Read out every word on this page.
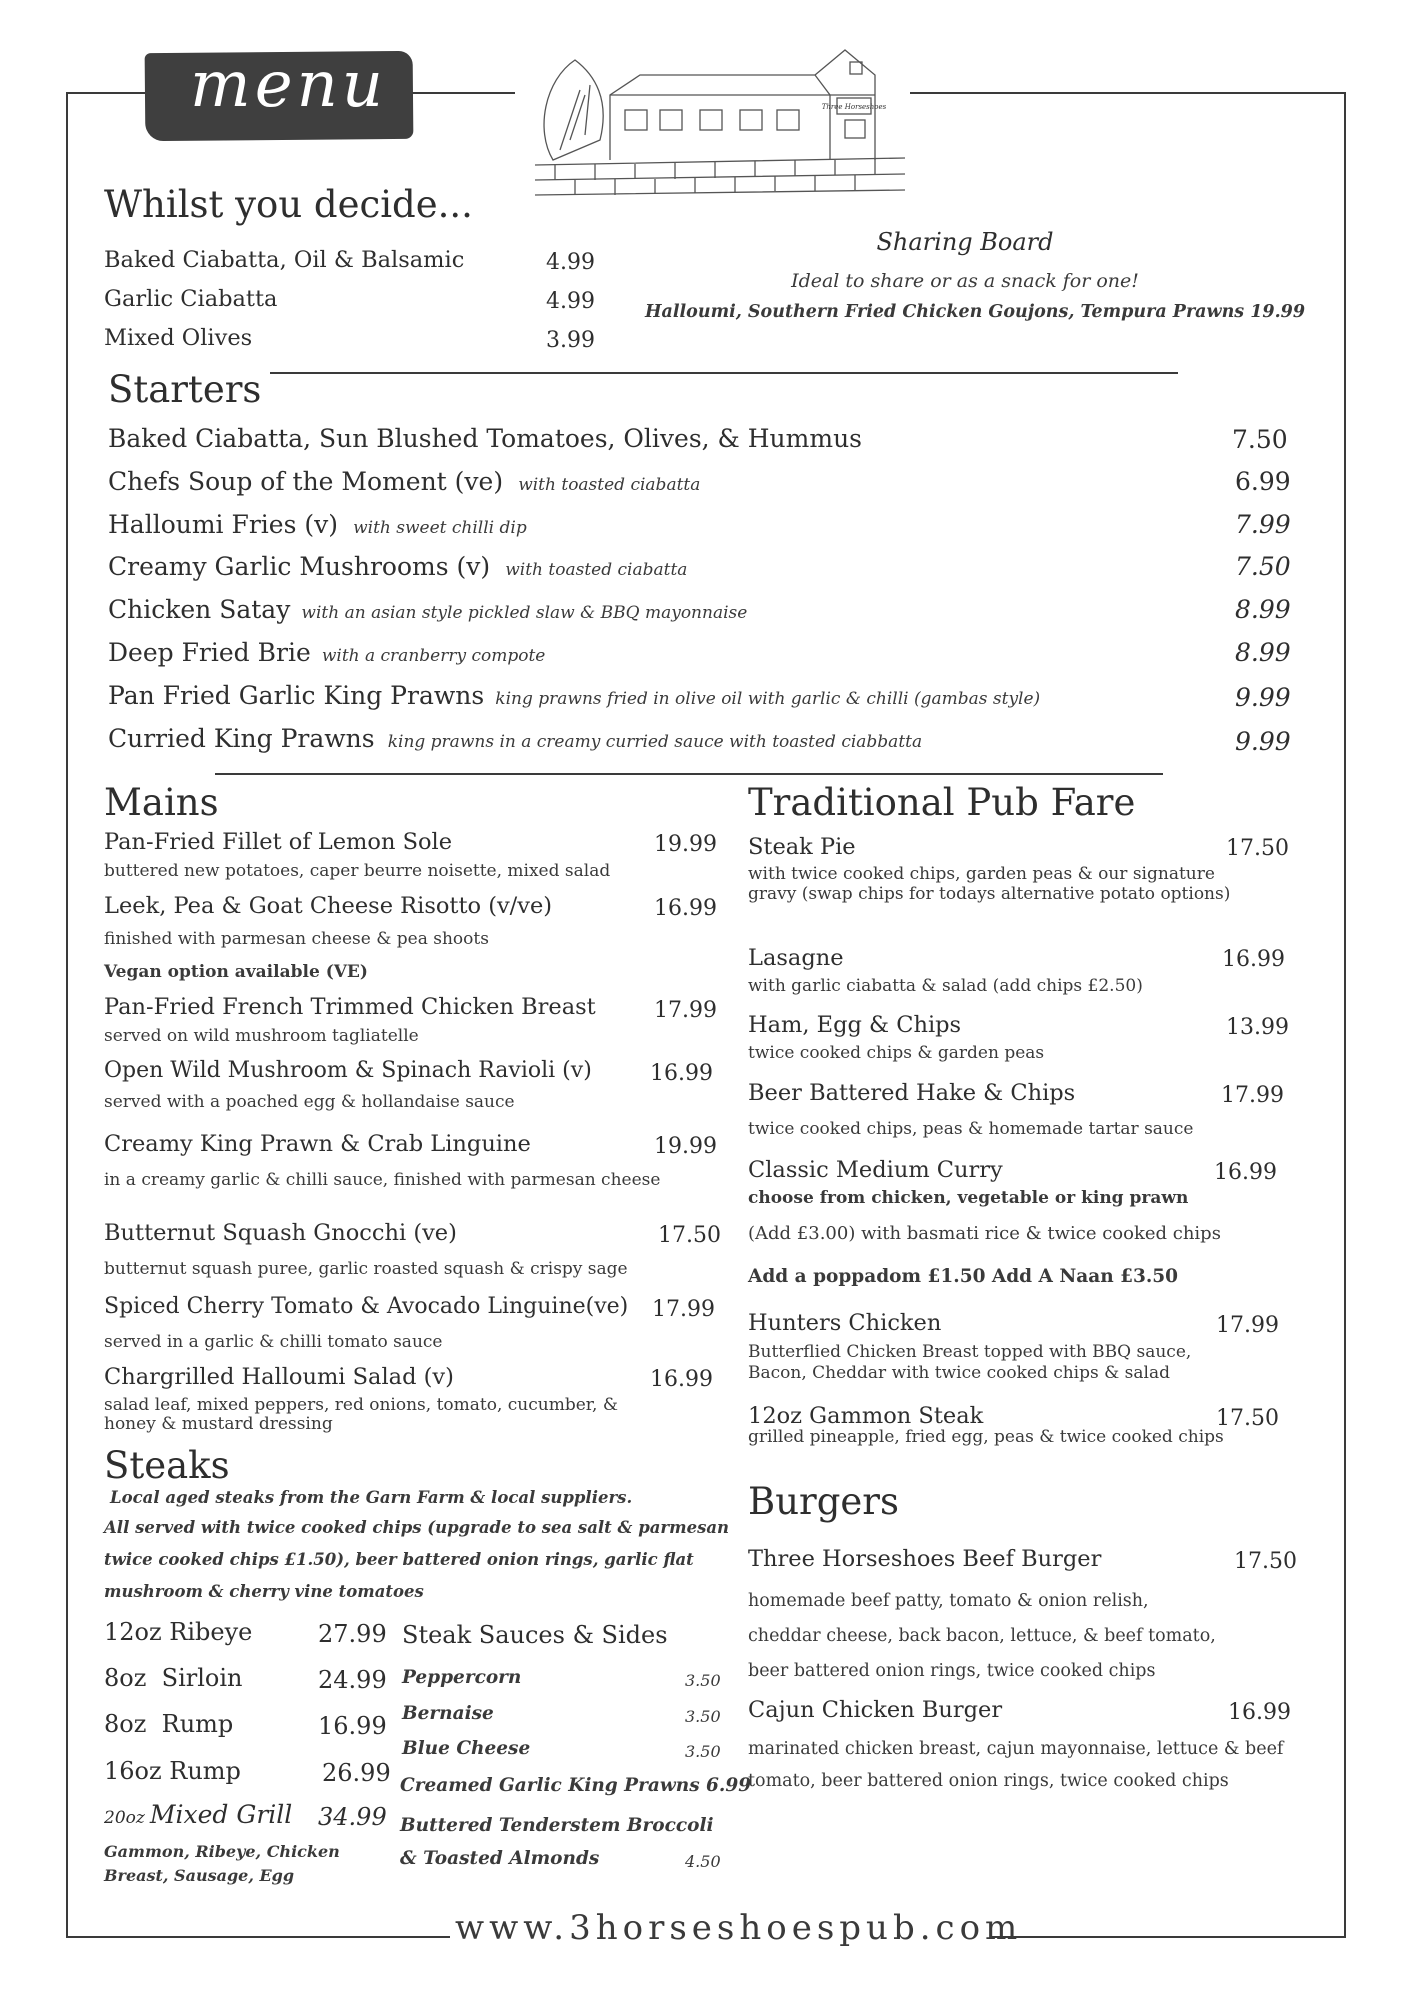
menu	Three Horseshoes
Whilst you decide...
Baked Ciabatta, Oil & Balsamic	4.99
Garlic Ciabatta	4.99
Mixed Olives	3.99
Sharing Board
Ideal to share or as a snack for one!
Halloumi, Southern Fried Chicken Goujons, Tempura Prawns 19.99
Starters
Baked Ciabatta, Sun Blushed Tomatoes, Olives, & Hummus	7.50
Chefs Soup of the Moment (ve) with toasted ciabatta	6.99
Halloumi Fries (v) with sweet chilli dip	7.99
Creamy Garlic Mushrooms (v) with toasted ciabatta	7.50
Chicken Satay with an asian style pickled slaw & BBQ mayonnaise	8.99
Deep Fried Brie with a cranberry compote	8.99
Pan Fried Garlic King Prawns king prawns fried in olive oil with garlic & chilli (gambas style)	9.99
Curried King Prawns king prawns in a creamy curried sauce with toasted ciabbatta	9.99
Mains
Pan-Fried Fillet of Lemon Sole	19.99
buttered new potatoes, caper beurre noisette, mixed salad
Leek, Pea & Goat Cheese Risotto (v/ve)	16.99
finished with parmesan cheese & pea shoots
Vegan option available (VE)
Pan-Fried French Trimmed Chicken Breast	17.99
served on wild mushroom tagliatelle
Open Wild Mushroom & Spinach Ravioli (v)	16.99
served with a poached egg & hollandaise sauce
Creamy King Prawn & Crab Linguine	19.99
in a creamy garlic & chilli sauce, finished with parmesan cheese
Butternut Squash Gnocchi (ve)	17.50
butternut squash puree, garlic roasted squash & crispy sage
Spiced Cherry Tomato & Avocado Linguine(ve) 17.99
served in a garlic & chilli tomato sauce
Chargrilled Halloumi Salad (v)	16.99
salad leaf, mixed peppers, red onions, tomato, cucumber, & honey & mustard dressing
Steaks
Local aged steaks from the Garn Farm & local suppliers.
All served with twice cooked chips (upgrade to sea salt & parmesan
twice cooked chips £1.50), beer battered onion rings, garlic flat
mushroom & cherry vine tomatoes
12oz Ribeye	27.99
8oz  Sirloin	24.99
8oz  Rump	16.99
16oz Rump	26.99
20oz Mixed Grill 34.99
Gammon, Ribeye, Chicken
Breast, Sausage, Egg
Steak Sauces & Sides
Peppercorn	3.50
Bernaise	3.50
Blue Cheese	3.50
Creamed Garlic King Prawns 6.99
Buttered Tenderstem Broccoli
& Toasted Almonds	4.50
Traditional Pub Fare
Steak Pie	17.50
with twice cooked chips, garden peas & our signature gravy (swap chips for todays alternative potato options)
Lasagne	16.99
with garlic ciabatta & salad (add chips £2.50)
Ham, Egg & Chips	13.99
twice cooked chips & garden peas
Beer Battered Hake & Chips	17.99
twice cooked chips, peas & homemade tartar sauce
Classic Medium Curry	16.99
choose from chicken, vegetable or king prawn
(Add £3.00) with basmati rice & twice cooked chips
Add a poppadom £1.50 Add A Naan £3.50
Hunters Chicken	17.99
Butterflied Chicken Breast topped with BBQ sauce, Bacon, Cheddar with twice cooked chips & salad
12oz Gammon Steak	17.50
grilled pineapple, fried egg, peas & twice cooked chips
Burgers
Three Horseshoes Beef Burger	17.50
homemade beef patty, tomato & onion relish,
cheddar cheese, back bacon, lettuce, & beef tomato,
beer battered onion rings, twice cooked chips
Cajun Chicken Burger	16.99
marinated chicken breast, cajun mayonnaise, lettuce & beef
tomato, beer battered onion rings, twice cooked chips
www.3horseshoespub.com
